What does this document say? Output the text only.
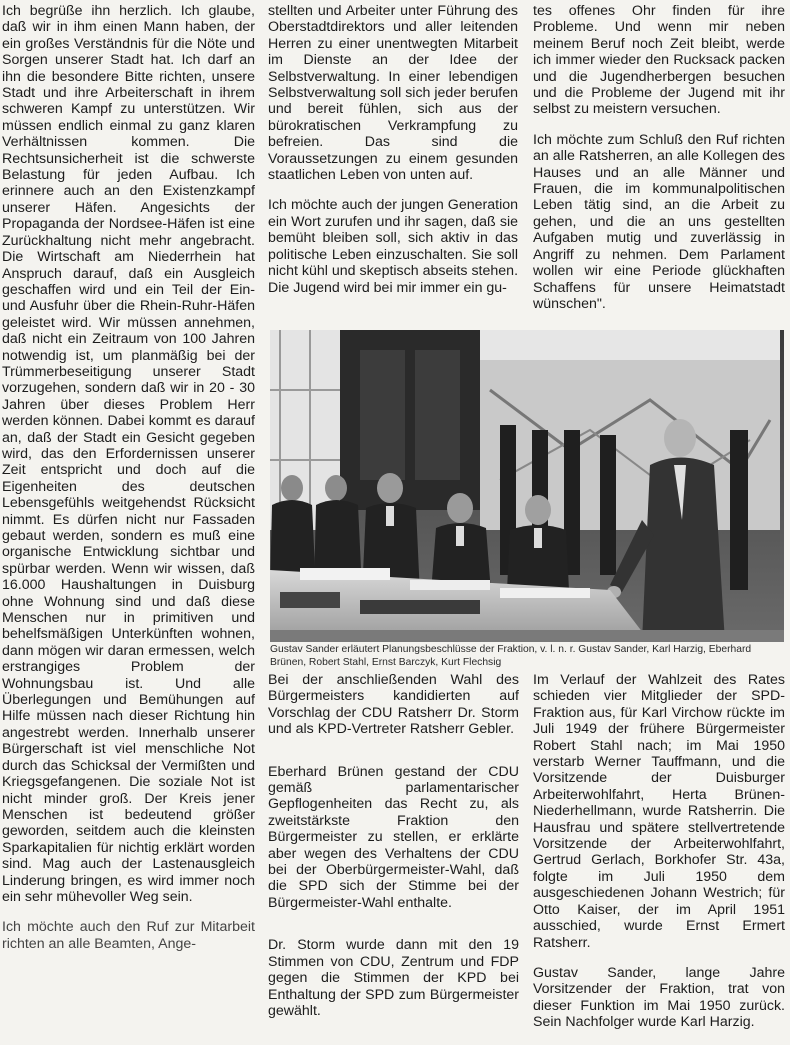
Ich begrüße ihn herzlich. Ich glaube, daß wir in ihm einen Mann haben, der ein großes Verständnis für die Nöte und Sorgen unserer Stadt hat. Ich darf an ihn die besondere Bitte richten, unsere Stadt und ihre Arbeiterschaft in ihrem schweren Kampf zu unterstützen. Wir müssen endlich einmal zu ganz klaren Verhältnissen kommen. Die Rechtsunsicherheit ist die schwerste Belastung für jeden Aufbau. Ich erinnere auch an den Existenzkampf unserer Häfen. Angesichts der Propaganda der Nordsee-Häfen ist eine Zurückhaltung nicht mehr angebracht. Die Wirtschaft am Niederrhein hat Anspruch darauf, daß ein Ausgleich geschaffen wird und ein Teil der Ein- und Ausfuhr über die Rhein-Ruhr-Häfen geleistet wird. Wir müssen annehmen, daß nicht ein Zeitraum von 100 Jahren notwendig ist, um planmäßig bei der Trümmerbeseitigung unserer Stadt vorzugehen, sondern daß wir in 20 - 30 Jahren über dieses Problem Herr werden können. Dabei kommt es darauf an, daß der Stadt ein Gesicht gegeben wird, das den Erfordernissen unserer Zeit entspricht und doch auf die Eigenheiten des deutschen Lebensgefühls weitgehendst Rücksicht nimmt. Es dürfen nicht nur Fassaden gebaut werden, sondern es muß eine organische Entwicklung sichtbar und spürbar werden. Wenn wir wissen, daß 16.000 Haushaltungen in Duisburg ohne Wohnung sind und daß diese Menschen nur in primitiven und behelfsmäßigen Unterkünften wohnen, dann mögen wir daran ermessen, welch erstrangiges Problem der Wohnungsbau ist. Und alle Überlegungen und Bemühungen auf Hilfe müssen nach dieser Richtung hin angestrebt werden. Innerhalb unserer Bürgerschaft ist viel menschliche Not durch das Schicksal der Vermißten und Kriegsgefangenen. Die soziale Not ist nicht minder groß. Der Kreis jener Menschen ist bedeutend größer geworden, seitdem auch die kleinsten Sparkapitalien für nichtig erklärt worden sind. Mag auch der Lastenausgleich Linderung bringen, es wird immer noch ein sehr mühevoller Weg sein.

Ich möchte auch den Ruf zur Mitarbeit richten an alle Beamten, Ange-

stellten und Arbeiter unter Führung des Oberstadtdirektors und aller leitenden Herren zu einer unentwegten Mitarbeit im Dienste an der Idee der Selbstverwaltung. In einer lebendigen Selbstverwaltung soll sich jeder berufen und bereit fühlen, sich aus der bürokratischen Verkrampfung zu befreien. Das sind die Voraussetzungen zu einem gesunden staatlichen Leben von unten auf.

Ich möchte auch der jungen Generation ein Wort zurufen und ihr sagen, daß sie bemüht bleiben soll, sich aktiv in das politische Leben einzuschalten. Sie soll nicht kühl und skeptisch abseits stehen. Die Jugend wird bei mir immer ein gu-

tes offenes Ohr finden für ihre Probleme. Und wenn mir neben meinem Beruf noch Zeit bleibt, werde ich immer wieder den Rucksack packen und die Jugendherbergen besuchen und die Probleme der Jugend mit ihr selbst zu meistern versuchen.

Ich möchte zum Schluß den Ruf richten an alle Ratsherren, an alle Kollegen des Hauses und an alle Männer und Frauen, die im kommunalpolitischen Leben tätig sind, an die Arbeit zu gehen, und die an uns gestellten Aufgaben mutig und zuverlässig in Angriff zu nehmen. Dem Parlament wollen wir eine Periode glückhaften Schaffens für unsere Heimatstadt wünschen".

Gustav Sander erläutert Planungsbeschlüsse der Fraktion, v. l. n. r. Gustav Sander, Karl Harzig, Eberhard Brünen, Robert Stahl, Ernst Barczyk, Kurt Flechsig

Bei der anschließenden Wahl des Bürgermeisters kandidierten auf Vorschlag der CDU Ratsherr Dr. Storm und als KPD-Vertreter Ratsherr Gebler.

Eberhard Brünen gestand der CDU gemäß parlamentarischer Gepflogenheiten das Recht zu, als zweitstärkste Fraktion den Bürgermeister zu stellen, er erklärte aber wegen des Verhaltens der CDU bei der Oberbürgermeister-Wahl, daß die SPD sich der Stimme bei der Bürgermeister-Wahl enthalte.

Dr. Storm wurde dann mit den 19 Stimmen von CDU, Zentrum und FDP gegen die Stimmen der KPD bei Enthaltung der SPD zum Bürgermeister gewählt.

Im Verlauf der Wahlzeit des Rates schieden vier Mitglieder der SPD-Fraktion aus, für Karl Virchow rückte im Juli 1949 der frühere Bürgermeister Robert Stahl nach; im Mai 1950 verstarb Werner Tauffmann, und die Vorsitzende der Duisburger Arbeiterwohlfahrt, Herta Brünen-Niederhellmann, wurde Ratsherrin. Die Hausfrau und spätere stellvertretende Vorsitzende der Arbeiterwohlfahrt, Gertrud Gerlach, Borkhofer Str. 43a, folgte im Juli 1950 dem ausgeschiedenen Johann Westrich; für Otto Kaiser, der im April 1951 ausschied, wurde Ernst Ermert Ratsherr.

Gustav Sander, lange Jahre Vorsitzender der Fraktion, trat von dieser Funktion im Mai 1950 zurück. Sein Nachfolger wurde Karl Harzig.
